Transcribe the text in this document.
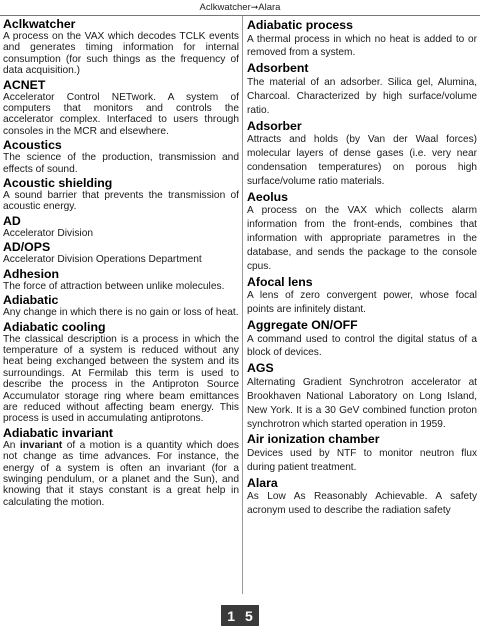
Aclkwatcher➞Alara

Aclkwatcher

A process on the VAX which decodes TCLK events and generates timing information for internal consumption (for such things as the frequency of data acquisition.)

ACNET

Accelerator Control NETwork. A system of computers that monitors and controls the accelerator complex. Interfaced to users through consoles in the MCR and elsewhere.

Acoustics

The science of the production, transmission and effects of sound.

Acoustic shielding

A sound barrier that prevents the transmission of acoustic energy.

AD

Accelerator Division

AD/OPS

Accelerator Division Operations Department

Adhesion

The force of attraction between unlike molecules.

Adiabatic

Any change in which there is no gain or loss of heat.

Adiabatic cooling

The classical description is a process in which the temperature of a system is reduced without any heat being exchanged between the system and its surroundings. At Fermilab this term is used to describe the process in the Antiproton Source Accumulator storage ring where beam emittances are reduced without affecting beam energy. This process is used in accumulating antiprotons.

Adiabatic invariant

An invariant of a motion is a quantity which does not change as time advances. For instance, the energy of a system is often an invariant (for a swinging pendulum, or a planet and the Sun), and knowing that it stays constant is a great help in calculating the motion.

Adiabatic process

A thermal process in which no heat is added to or removed from a system.

Adsorbent

The material of an adsorber. Silica gel, Alumina, Charcoal. Characterized by high surface/volume ratio.

Adsorber

Attracts and holds (by Van der Waal forces) molecular layers of dense gases (i.e. very near condensation temperatures) on porous high surface/volume ratio materials.

Aeolus

A process on the VAX which collects alarm information from the front-ends, combines that information with appropriate parametres in the database, and sends the package to the console cpus.

Afocal lens

A lens of zero convergent power, whose focal points are infinitely distant.

Aggregate ON/OFF

A command used to control the digital status of a block of devices.

AGS

Alternating Gradient Synchrotron accelerator at Brookhaven National Laboratory on Long Island, New York. It is a 30 GeV combined function proton synchrotron which started operation in 1959.

Air ionization chamber

Devices used by NTF to monitor neutron flux during patient treatment.

Alara

As Low As Reasonably Achievable. A safety acronym used to describe the radiation safety

1 5
